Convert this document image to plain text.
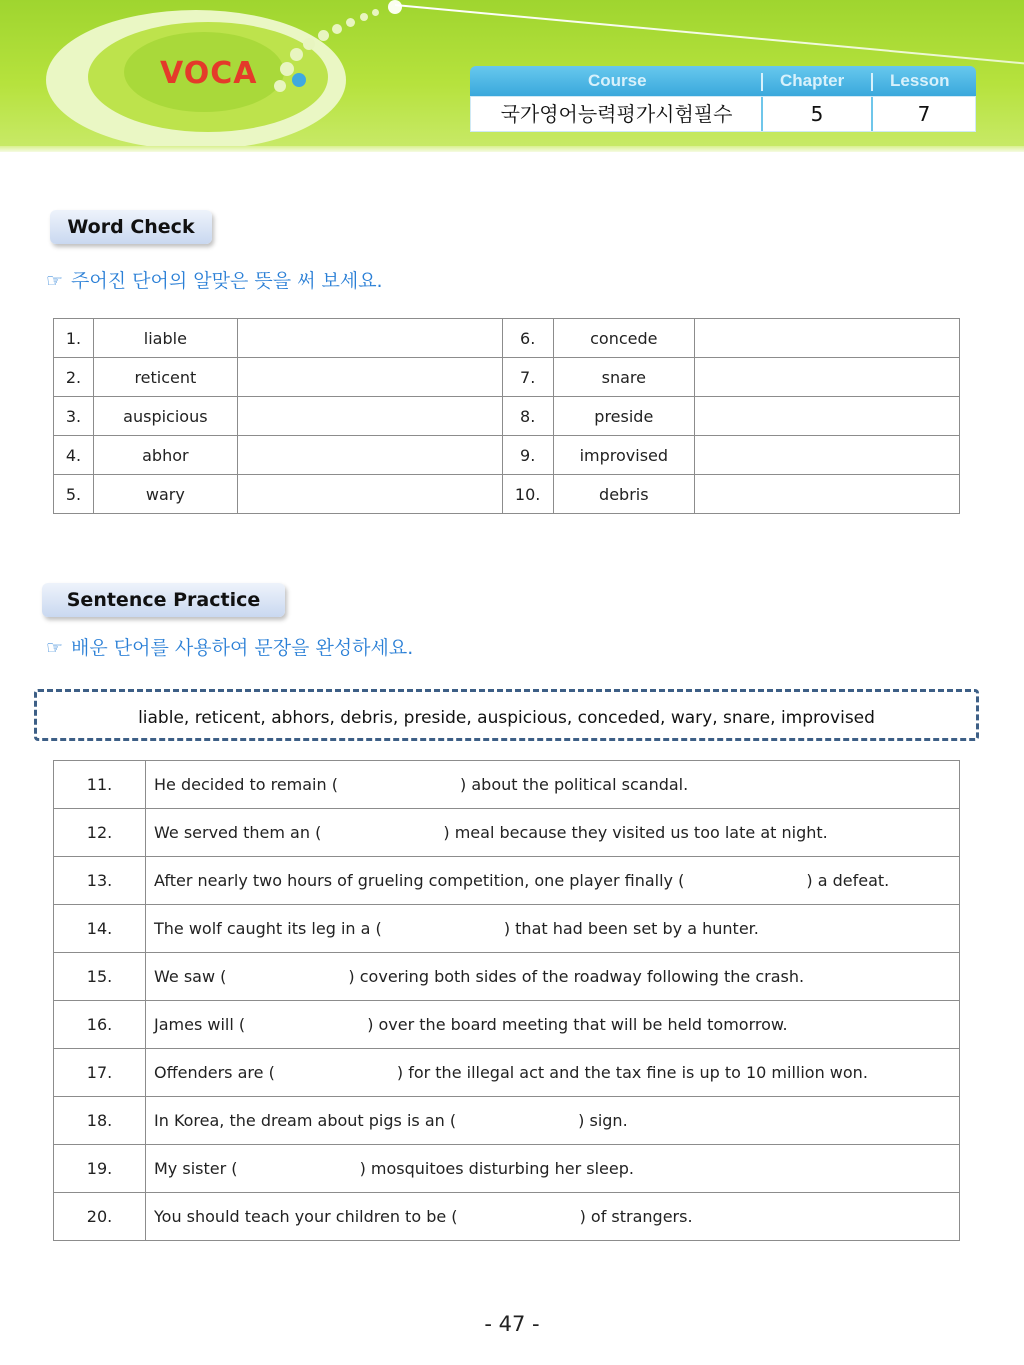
VOCA	Course	Chapter	Lesson
국가영어능력평가시험필수	5	7
Word Check
☞ 주어진 단어의 알맞은 뜻을 써 보세요.
1.	liable		6.	concede	
2.	reticent		7.	snare	
3.	auspicious		8.	preside	
4.	abhor		9.	improvised	
5.	wary		10.	debris	
Sentence Practice
☞ 배운 단어를 사용하여 문장을 완성하세요.
liable, reticent, abhors, debris, preside, auspicious, conceded, wary, snare, improvised
11.	He decided to remain (                        ) about the political scandal.
12.	We served them an (                        ) meal because they visited us too late at night.
13.	After nearly two hours of grueling competition, one player finally (                        ) a defeat.
14.	The wolf caught its leg in a (                        ) that had been set by a hunter.
15.	We saw (                        ) covering both sides of the roadway following the crash.
16.	James will (                        ) over the board meeting that will be held tomorrow.
17.	Offenders are (                        ) for the illegal act and the tax fine is up to 10 million won.
18.	In Korea, the dream about pigs is an (                        ) sign.
19.	My sister (                        ) mosquitoes disturbing her sleep.
20.	You should teach your children to be (                        ) of strangers.
- 47 -
